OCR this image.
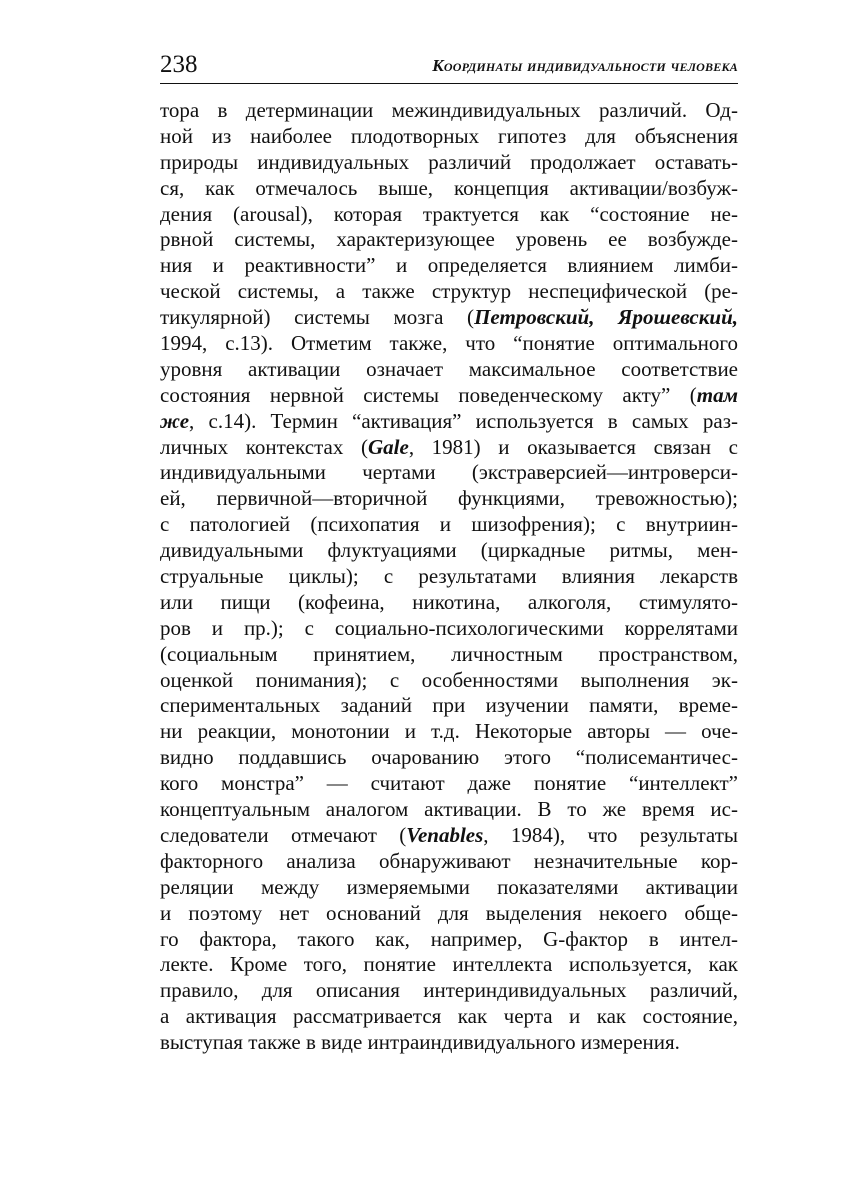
238	Координаты индивидуальности человека
тора в детерминации межиндивидуальных различий. Од-
ной из наиболее плодотворных гипотез для объяснения
природы индивидуальных различий продолжает оставать-
ся, как отмечалось выше, концепция активации/возбуж-
дения (arousal), которая трактуется как “состояние не-
рвной системы, характеризующее уровень ее возбужде-
ния и реактивности” и определяется влиянием лимби-
ческой системы, а также структур неспецифической (ре-
тикулярной) системы мозга (Петровский, Ярошевский,
1994, с.13). Отметим также, что “понятие оптимального
уровня активации означает максимальное соответствие
состояния нервной системы поведенческому акту” (там
же, с.14). Термин “активация” используется в самых раз-
личных контекстах (Gale, 1981) и оказывается связан с
индивидуальными чертами (экстраверсией—интроверси-
ей, первичной—вторичной функциями, тревожностью);
с патологией (психопатия и шизофрения); с внутриин-
дивидуальными флуктуациями (циркадные ритмы, мен-
струальные циклы); с результатами влияния лекарств
или пищи (кофеина, никотина, алкоголя, стимулято-
ров и пр.); с социально-психологическими коррелятами
(социальным принятием, личностным пространством,
оценкой понимания); с особенностями выполнения эк-
спериментальных заданий при изучении памяти, време-
ни реакции, монотонии и т.д. Некоторые авторы — оче-
видно поддавшись очарованию этого “полисемантичес-
кого монстра” — считают даже понятие “интеллект”
концептуальным аналогом активации. В то же время ис-
следователи отмечают (Venables, 1984), что результаты
факторного анализа обнаруживают незначительные кор-
реляции между измеряемыми показателями активации
и поэтому нет оснований для выделения некоего обще-
го фактора, такого как, например, G-фактор в интел-
лекте. Кроме того, понятие интеллекта используется, как
правило, для описания интериндивидуальных различий,
а активация рассматривается как черта и как состояние,
выступая также в виде интраиндивидуального измерения.
